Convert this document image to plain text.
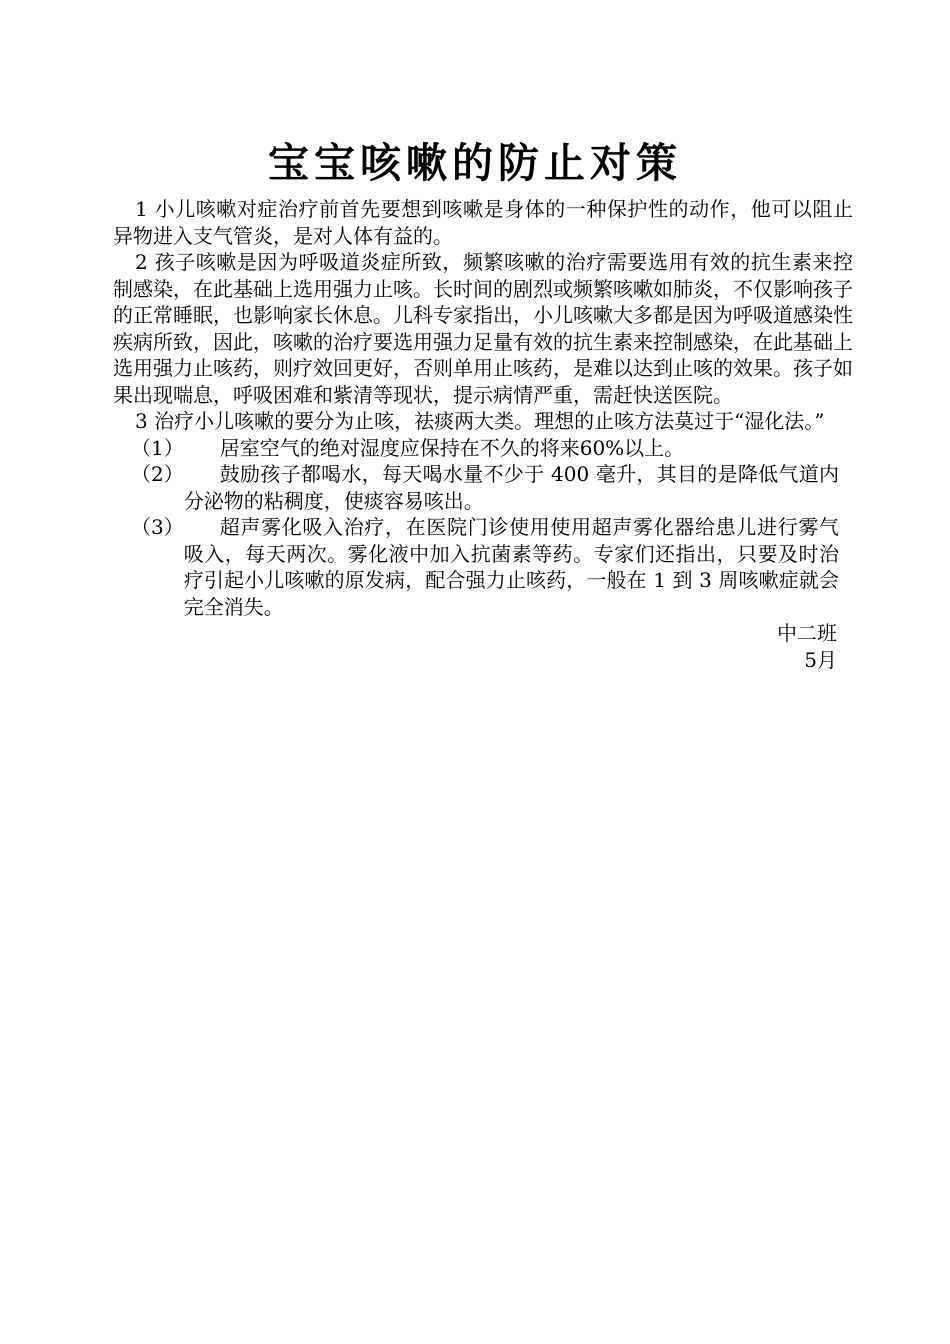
宝宝咳嗽的防止对策

1 小儿咳嗽对症治疗前首先要想到咳嗽是身体的一种保护性的动作，他可以阻止异物进入支气管炎，是对人体有益的。

2 孩子咳嗽是因为呼吸道炎症所致，频繁咳嗽的治疗需要选用有效的抗生素来控制感染，在此基础上选用强力止咳。长时间的剧烈或频繁咳嗽如肺炎，不仅影响孩子的正常睡眠，也影响家长休息。儿科专家指出，小儿咳嗽大多都是因为呼吸道感染性疾病所致，因此，咳嗽的治疗要选用强力足量有效的抗生素来控制感染，在此基础上选用强力止咳药，则疗效回更好，否则单用止咳药，是难以达到止咳的效果。孩子如果出现喘息，呼吸困难和紫清等现状，提示病情严重，需赶快送医院。

3 治疗小儿咳嗽的要分为止咳，祛痰两大类。理想的止咳方法莫过于“湿化法。”

（1）	居室空气的绝对湿度应保持在不久的将来60%以上。
（2）	鼓励孩子都喝水，每天喝水量不少于 400 毫升，其目的是降低气道内分泌物的粘稠度，使痰容易咳出。
（3）	超声雾化吸入治疗，在医院门诊使用使用超声雾化器给患儿进行雾气吸入，每天两次。雾化液中加入抗菌素等药。专家们还指出，只要及时治疗引起小儿咳嗽的原发病，配合强力止咳药，一般在 1 到 3 周咳嗽症就会完全消失。
中二班
5月
